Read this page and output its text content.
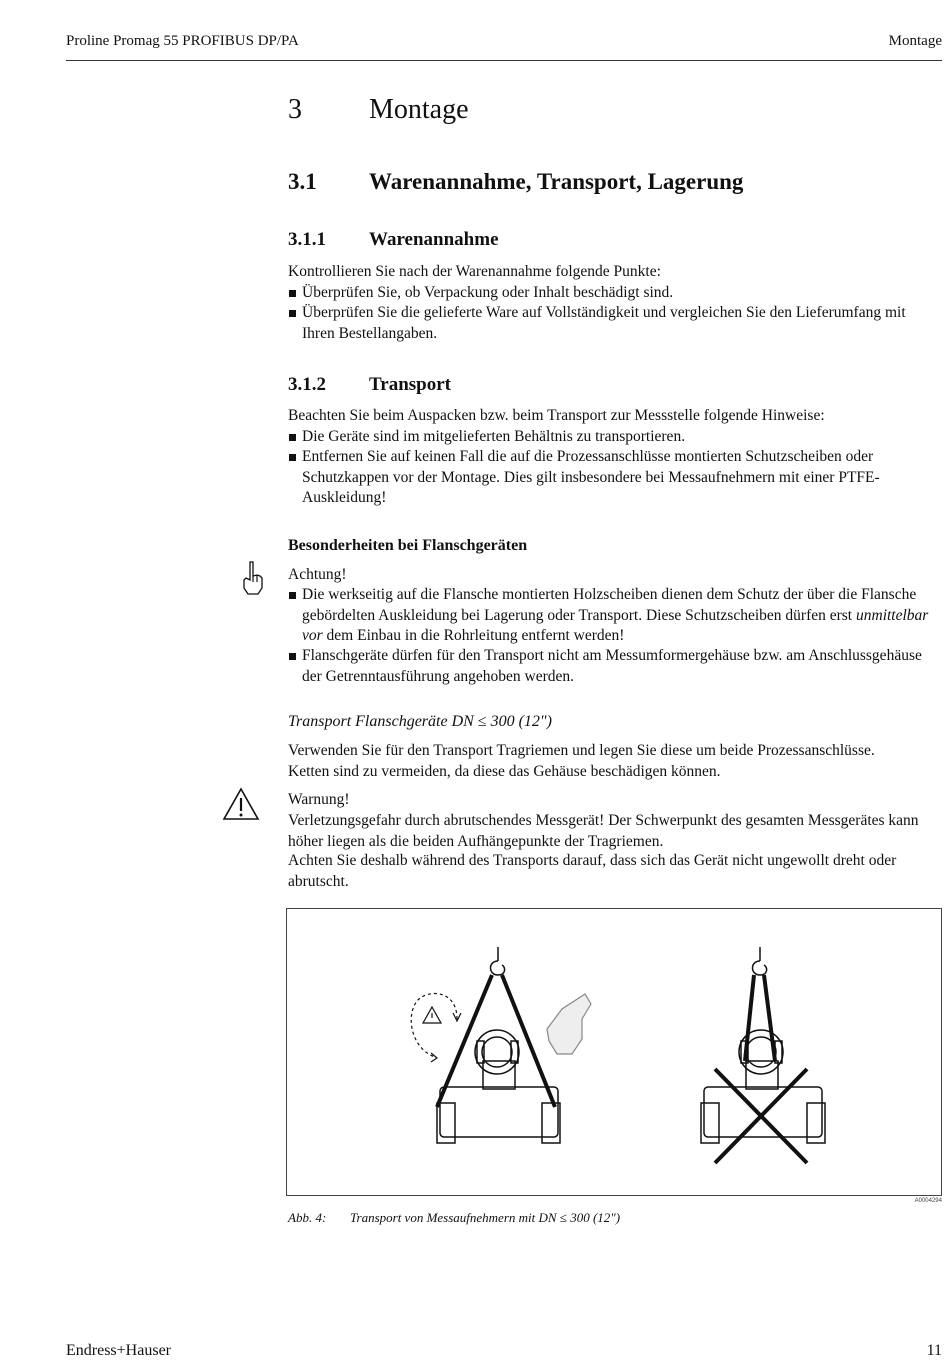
Proline Promag 55 PROFIBUS DP/PA	Montage
3 Montage
3.1 Warenannahme, Transport, Lagerung
3.1.1 Warenannahme
Kontrollieren Sie nach der Warenannahme folgende Punkte:
Überprüfen Sie, ob Verpackung oder Inhalt beschädigt sind.
Überprüfen Sie die gelieferte Ware auf Vollständigkeit und vergleichen Sie den Lieferumfang mit Ihren Bestellangaben.
3.1.2 Transport
Beachten Sie beim Auspacken bzw. beim Transport zur Messstelle folgende Hinweise:
Die Geräte sind im mitgelieferten Behältnis zu transportieren.
Entfernen Sie auf keinen Fall die auf die Prozessanschlüsse montierten Schutzscheiben oder Schutzkappen vor der Montage. Dies gilt insbesondere bei Messaufnehmern mit einer PTFE-Auskleidung!
Besonderheiten bei Flanschgeräten
Achtung!
Die werkseitig auf die Flansche montierten Holzscheiben dienen dem Schutz der über die Flansche gebördelten Auskleidung bei Lagerung oder Transport. Diese Schutzscheiben dürfen erst unmittelbar vor dem Einbau in die Rohrleitung entfernt werden!
Flanschgeräte dürfen für den Transport nicht am Messumformergehäuse bzw. am Anschlussgehäuse der Getrenntausführung angehoben werden.
Transport Flanschgeräte DN ≤ 300 (12")
Verwenden Sie für den Transport Tragriemen und legen Sie diese um beide Prozessanschlüsse.
Ketten sind zu vermeiden, da diese das Gehäuse beschädigen können.
Warnung!
Verletzungsgefahr durch abrutschendes Messgerät! Der Schwerpunkt des gesamten Messgerätes kann höher liegen als die beiden Aufhängepunkte der Tragriemen.
Achten Sie deshalb während des Transports darauf, dass sich das Gerät nicht ungewollt dreht oder abrutscht.
A0004294
Abb. 4: Transport von Messaufnehmern mit DN ≤ 300 (12")
Endress+Hauser	11
